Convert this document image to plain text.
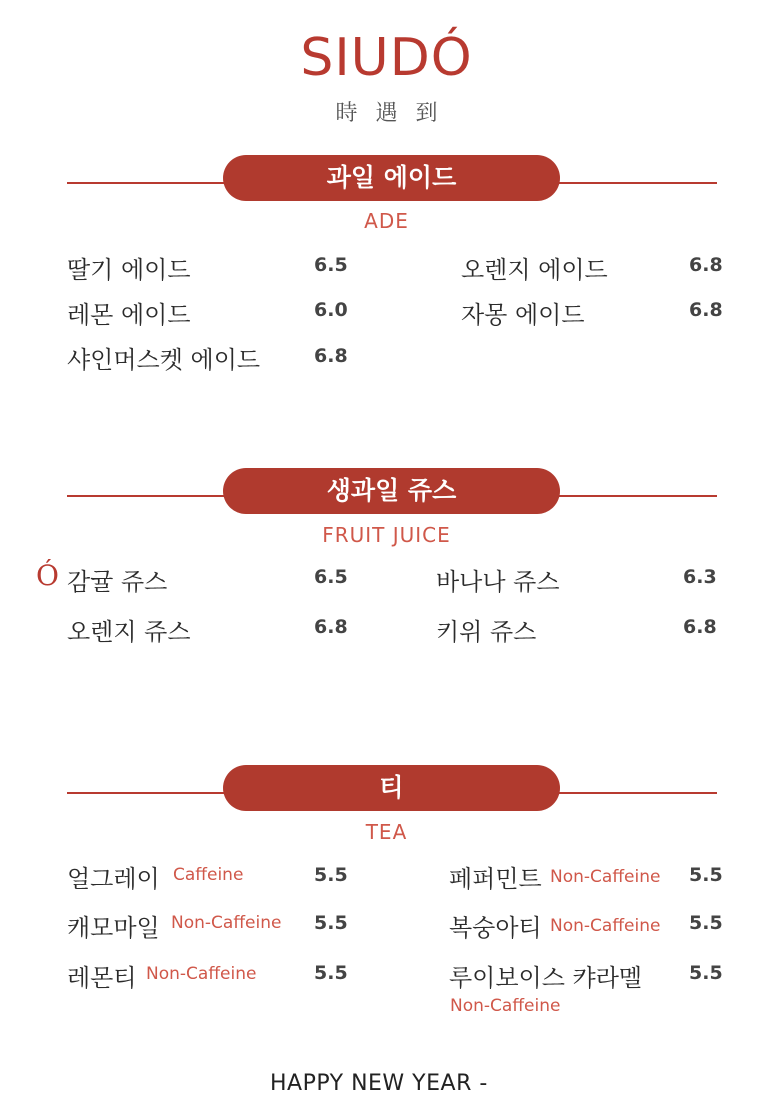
SIUDÓ
時遇到
과일 에이드
ADE
딸기 에이드	6.5
레몬 에이드	6.0
샤인머스켓 에이드	6.8
오렌지 에이드	6.8
자몽 에이드	6.8
생과일 쥬스
FRUIT JUICE
Ó 감귤 쥬스	6.5
오렌지 쥬스	6.8
바나나 쥬스	6.3
키위 쥬스	6.8
티
TEA
얼그레이 Caffeine	5.5
캐모마일 Non-Caffeine 5.5
레몬티 Non-Caffeine	5.5
페퍼민트 Non-Caffeine 5.5
복숭아티 Non-Caffeine 5.5
루이보이스 캬라멜 5.5
Non-Caffeine
HAPPY NEW YEAR -
